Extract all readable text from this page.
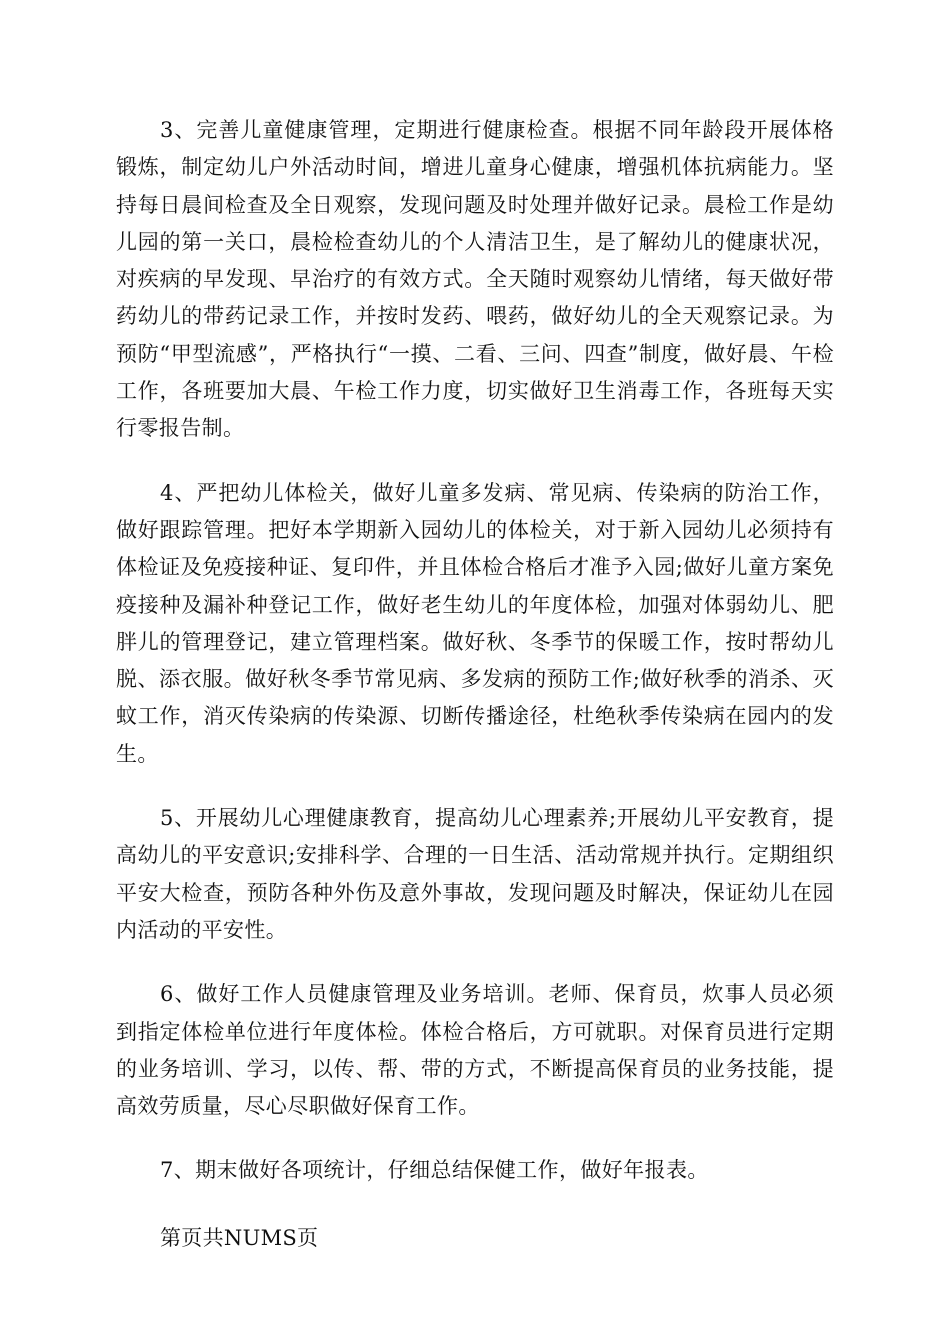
3、完善儿童健康管理，定期进行健康检查。根据不同年龄段开展体格锻炼，制定幼儿户外活动时间，增进儿童身心健康，增强机体抗病能力。坚持每日晨间检查及全日观察，发现问题及时处理并做好记录。晨检工作是幼儿园的第一关口，晨检检查幼儿的个人清洁卫生，是了解幼儿的健康状况，对疾病的早发现、早治疗的有效方式。全天随时观察幼儿情绪，每天做好带药幼儿的带药记录工作，并按时发药、喂药，做好幼儿的全天观察记录。为预防“甲型流感”，严格执行“一摸、二看、三问、四查”制度，做好晨、午检工作，各班要加大晨、午检工作力度，切实做好卫生消毒工作，各班每天实行零报告制。

4、严把幼儿体检关，做好儿童多发病、常见病、传染病的防治工作，做好跟踪管理。把好本学期新入园幼儿的体检关，对于新入园幼儿必须持有体检证及免疫接种证、复印件，并且体检合格后才准予入园;做好儿童方案免疫接种及漏补种登记工作，做好老生幼儿的年度体检，加强对体弱幼儿、肥胖儿的管理登记，建立管理档案。做好秋、冬季节的保暖工作，按时帮幼儿脱、添衣服。做好秋冬季节常见病、多发病的预防工作;做好秋季的消杀、灭蚊工作，消灭传染病的传染源、切断传播途径，杜绝秋季传染病在园内的发生。

5、开展幼儿心理健康教育，提高幼儿心理素养;开展幼儿平安教育，提高幼儿的平安意识;安排科学、合理的一日生活、活动常规并执行。定期组织平安大检查，预防各种外伤及意外事故，发现问题及时解决，保证幼儿在园内活动的平安性。

6、做好工作人员健康管理及业务培训。老师、保育员，炊事人员必须到指定体检单位进行年度体检。体检合格后，方可就职。对保育员进行定期的业务培训、学习，以传、帮、带的方式，不断提高保育员的业务技能，提高效劳质量，尽心尽职做好保育工作。

7、期末做好各项统计，仔细总结保健工作，做好年报表。

第页共NUMS页
